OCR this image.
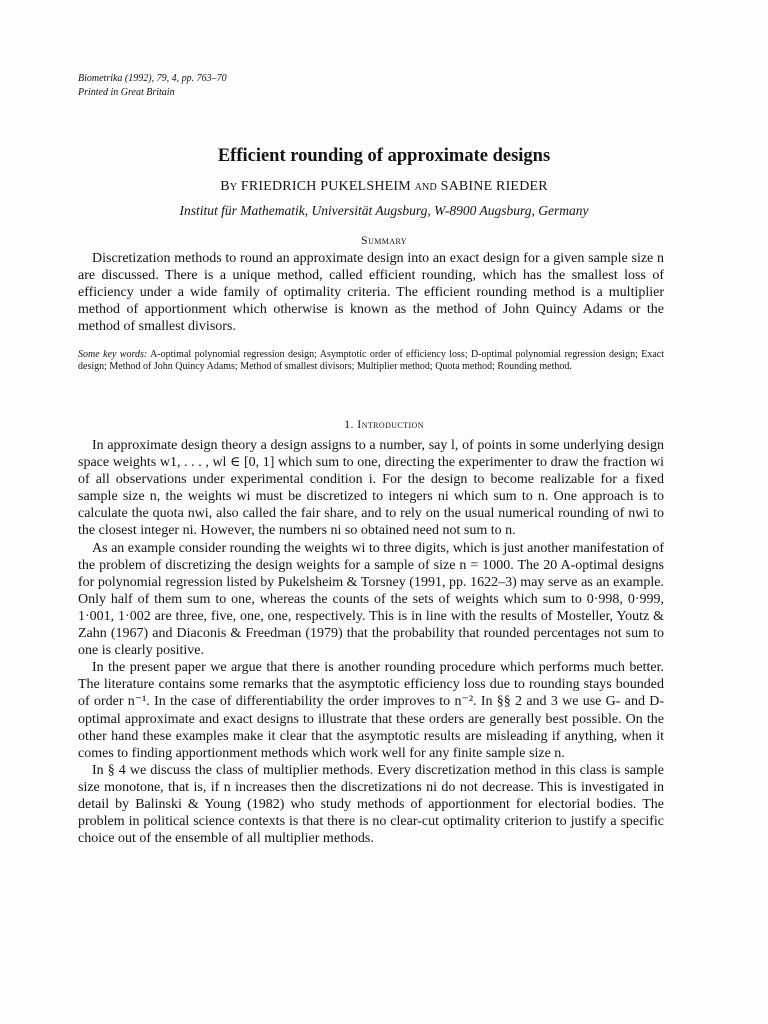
Biometrika (1992), 79, 4, pp. 763–70
Printed in Great Britain
Efficient rounding of approximate designs
By FRIEDRICH PUKELSHEIM and SABINE RIEDER
Institut für Mathematik, Universität Augsburg, W-8900 Augsburg, Germany
Summary

Discretization methods to round an approximate design into an exact design for a given sample size n are discussed. There is a unique method, called efficient rounding, which has the smallest loss of efficiency under a wide family of optimality criteria. The efficient rounding method is a multiplier method of apportionment which otherwise is known as the method of John Quincy Adams or the method of smallest divisors.

Some key words: A-optimal polynomial regression design; Asymptotic order of efficiency loss; D-optimal polynomial regression design; Exact design; Method of John Quincy Adams; Method of smallest divisors; Multiplier method; Quota method; Rounding method.
1. Introduction

In approximate design theory a design assigns to a number, say l, of points in some underlying design space weights w1, . . . , wl ∈ [0, 1] which sum to one, directing the experimenter to draw the fraction wi of all observations under experimental condition i. For the design to become realizable for a fixed sample size n, the weights wi must be discretized to integers ni which sum to n. One approach is to calculate the quota nwi, also called the fair share, and to rely on the usual numerical rounding of nwi to the closest integer ni. However, the numbers ni so obtained need not sum to n.

As an example consider rounding the weights wi to three digits, which is just another manifestation of the problem of discretizing the design weights for a sample of size n = 1000. The 20 A-optimal designs for polynomial regression listed by Pukelsheim & Torsney (1991, pp. 1622–3) may serve as an example. Only half of them sum to one, whereas the counts of the sets of weights which sum to 0·998, 0·999, 1·001, 1·002 are three, five, one, one, respectively. This is in line with the results of Mosteller, Youtz & Zahn (1967) and Diaconis & Freedman (1979) that the probability that rounded percentages not sum to one is clearly positive.

In the present paper we argue that there is another rounding procedure which performs much better. The literature contains some remarks that the asymptotic efficiency loss due to rounding stays bounded of order n⁻¹. In the case of differentiability the order improves to n⁻². In §§ 2 and 3 we use G- and D-optimal approximate and exact designs to illustrate that these orders are generally best possible. On the other hand these examples make it clear that the asymptotic results are misleading if anything, when it comes to finding apportionment methods which work well for any finite sample size n.

In § 4 we discuss the class of multiplier methods. Every discretization method in this class is sample size monotone, that is, if n increases then the discretizations ni do not decrease. This is investigated in detail by Balinski & Young (1982) who study methods of apportionment for electorial bodies. The problem in political science contexts is that there is no clear-cut optimality criterion to justify a specific choice out of the ensemble of all multiplier methods.
